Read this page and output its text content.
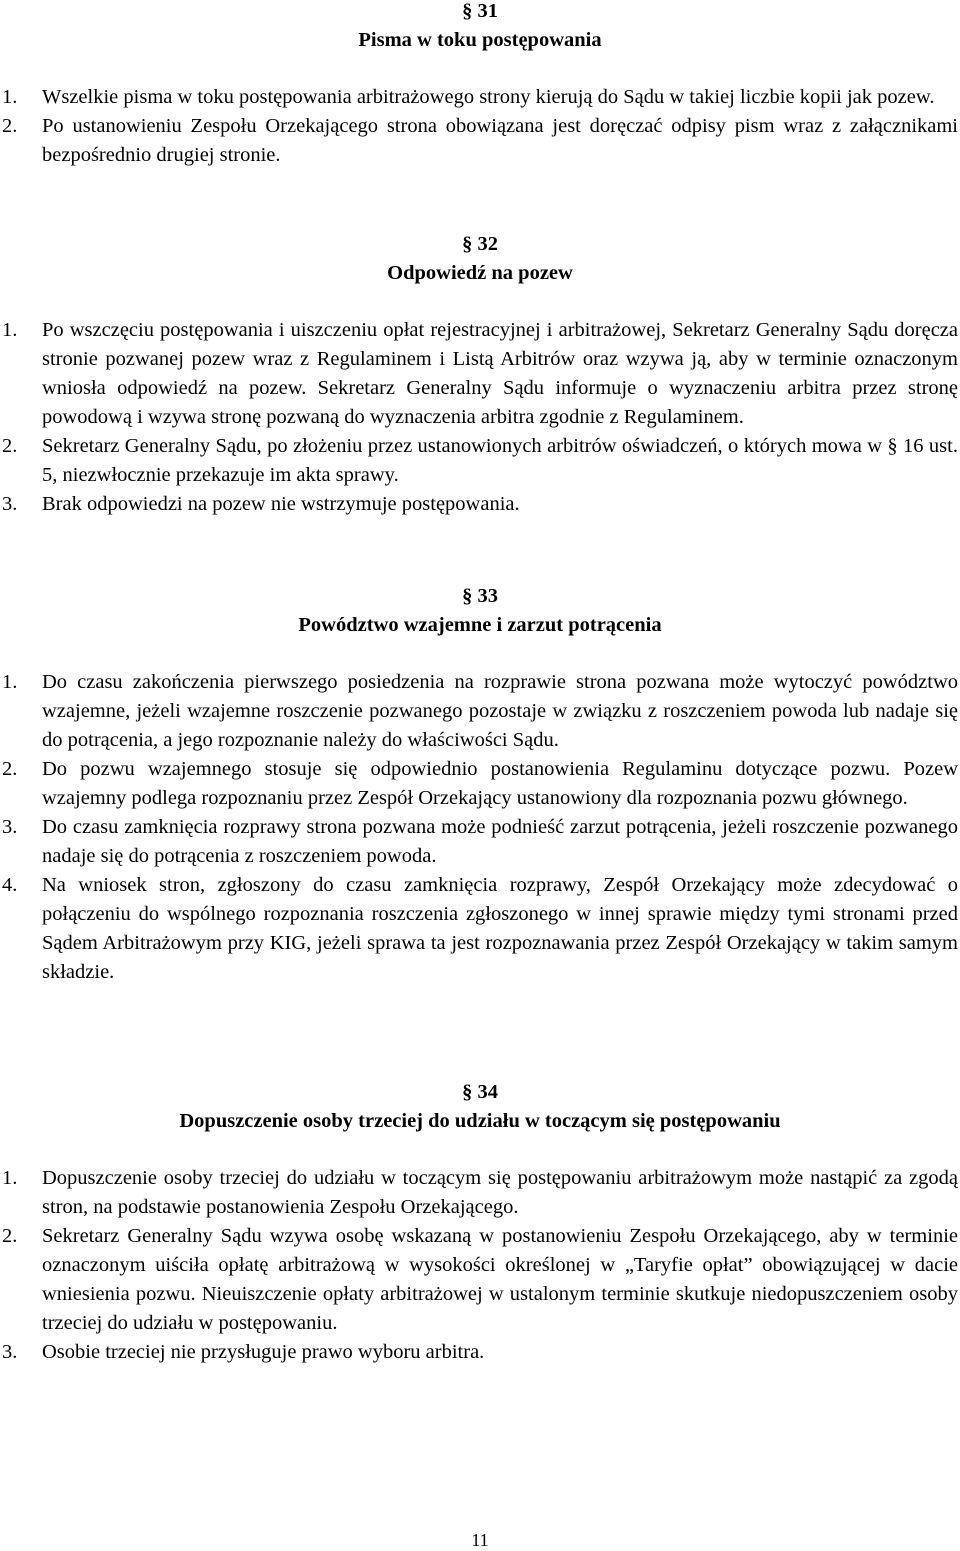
§ 31
Pisma w toku postępowania
1. Wszelkie pisma w toku postępowania arbitrażowego strony kierują do Sądu w takiej liczbie kopii jak pozew.
2. Po ustanowieniu Zespołu Orzekającego strona obowiązana jest doręczać odpisy pism wraz z załącznikami bezpośrednio drugiej stronie.
§ 32
Odpowiedź na pozew
1. Po wszczęciu postępowania i uiszczeniu opłat rejestracyjnej i arbitrażowej, Sekretarz Generalny Sądu doręcza stronie pozwanej pozew wraz z Regulaminem i Listą Arbitrów oraz wzywa ją, aby w terminie oznaczonym wniosła odpowiedź na pozew. Sekretarz Generalny Sądu informuje o wyznaczeniu arbitra przez stronę powodową i wzywa stronę pozwaną do wyznaczenia arbitra zgodnie z Regulaminem.
2. Sekretarz Generalny Sądu, po złożeniu przez ustanowionych arbitrów oświadczeń, o których mowa w § 16 ust. 5, niezwłocznie przekazuje im akta sprawy.
3. Brak odpowiedzi na pozew nie wstrzymuje postępowania.
§ 33
Powództwo wzajemne i zarzut potrącenia
1. Do czasu zakończenia pierwszego posiedzenia na rozprawie strona pozwana może wytoczyć powództwo wzajemne, jeżeli wzajemne roszczenie pozwanego pozostaje w związku z roszczeniem powoda lub nadaje się do potrącenia, a jego rozpoznanie należy do właściwości Sądu.
2. Do pozwu wzajemnego stosuje się odpowiednio postanowienia Regulaminu dotyczące pozwu. Pozew wzajemny podlega rozpoznaniu przez Zespół Orzekający ustanowiony dla rozpoznania pozwu głównego.
3. Do czasu zamknięcia rozprawy strona pozwana może podnieść zarzut potrącenia, jeżeli roszczenie pozwanego nadaje się do potrącenia z roszczeniem powoda.
4. Na wniosek stron, zgłoszony do czasu zamknięcia rozprawy, Zespół Orzekający może zdecydować o połączeniu do wspólnego rozpoznania roszczenia zgłoszonego w innej sprawie między tymi stronami przed Sądem Arbitrażowym przy KIG, jeżeli sprawa ta jest rozpoznawania przez Zespół Orzekający w takim samym składzie.
§ 34
Dopuszczenie osoby trzeciej do udziału w toczącym się postępowaniu
1. Dopuszczenie osoby trzeciej do udziału w toczącym się postępowaniu arbitrażowym może nastąpić za zgodą stron, na podstawie postanowienia Zespołu Orzekającego.
2. Sekretarz Generalny Sądu wzywa osobę wskazaną w postanowieniu Zespołu Orzekającego, aby w terminie oznaczonym uiściła opłatę arbitrażową w wysokości określonej w „Taryfie opłat” obowiązującej w dacie wniesienia pozwu. Nieuiszczenie opłaty arbitrażowej w ustalonym terminie skutkuje niedopuszczeniem osoby trzeciej do udziału w postępowaniu.
3. Osobie trzeciej nie przysługuje prawo wyboru arbitra.
11
